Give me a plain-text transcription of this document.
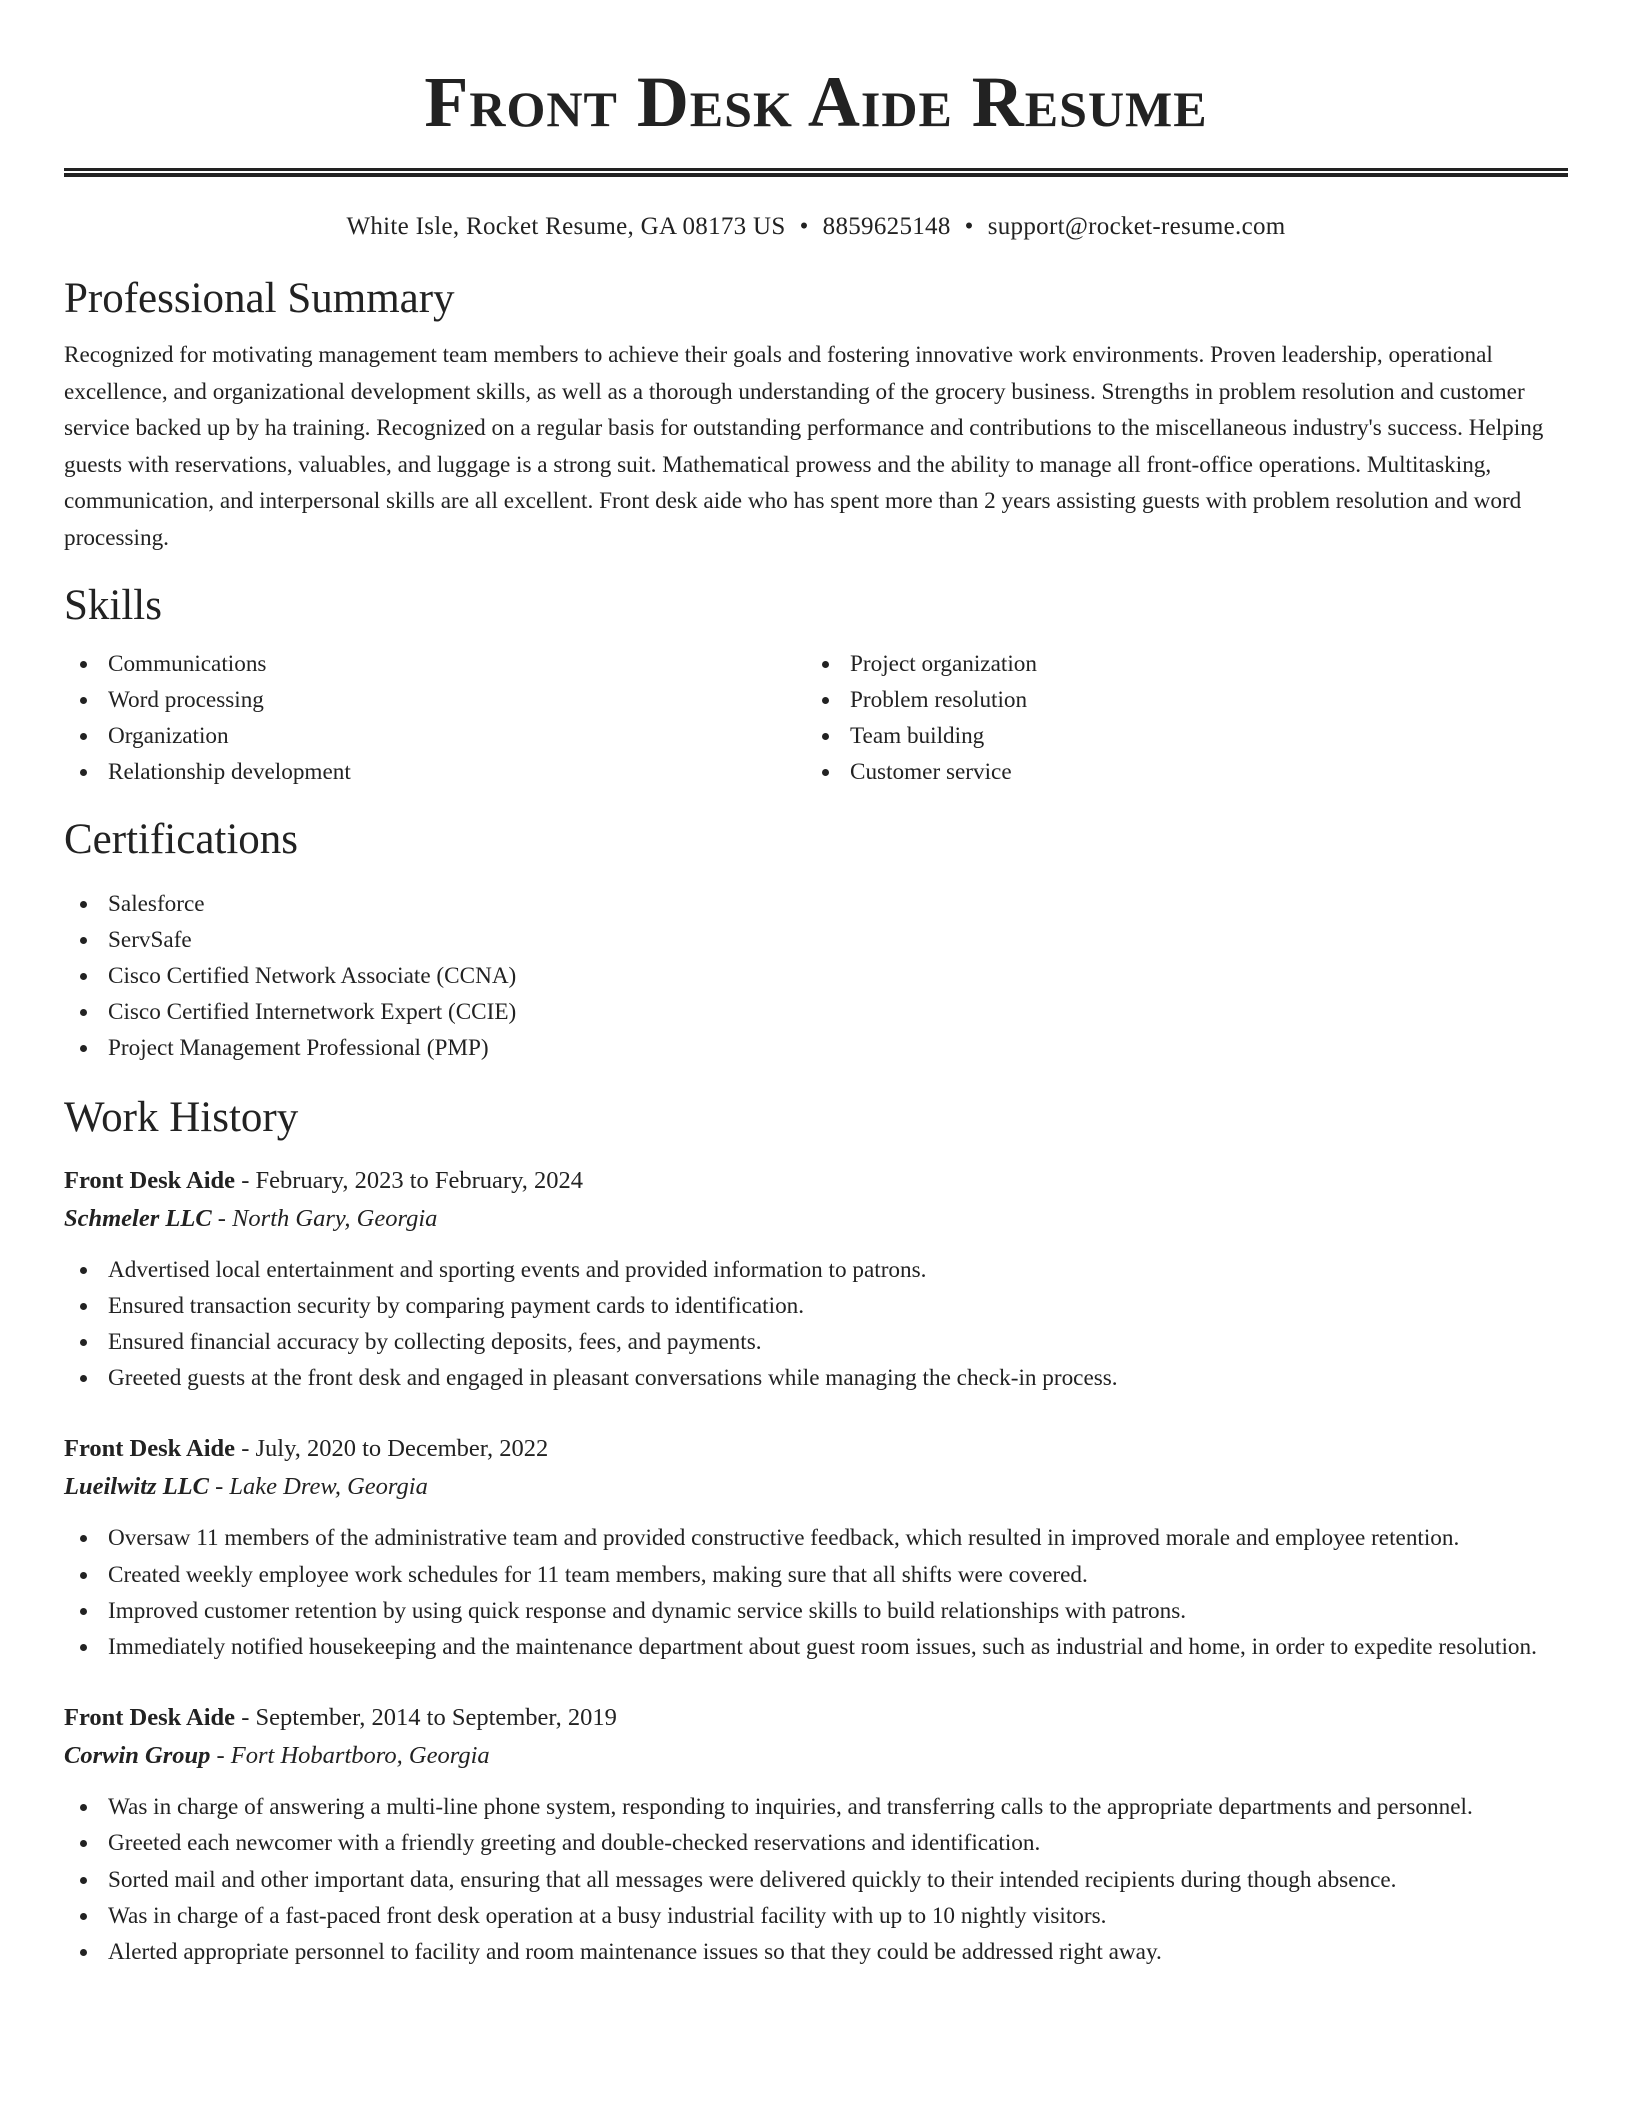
Front Desk Aide Resume
White Isle, Rocket Resume, GA 08173 US • 8859625148 • support@rocket-resume.com
Professional Summary

Recognized for motivating management team members to achieve their goals and fostering innovative work environments. Proven leadership, operational excellence, and organizational development skills, as well as a thorough understanding of the grocery business. Strengths in problem resolution and customer service backed up by ha training. Recognized on a regular basis for outstanding performance and contributions to the miscellaneous industry's success. Helping guests with reservations, valuables, and luggage is a strong suit. Mathematical prowess and the ability to manage all front-office operations. Multitasking, communication, and interpersonal skills are all excellent. Front desk aide who has spent more than 2 years assisting guests with problem resolution and word processing.

Skills
Communications
Word processing
Organization
Relationship development
Project organization
Problem resolution
Team building
Customer service
Certifications
Salesforce
ServSafe
Cisco Certified Network Associate (CCNA)
Cisco Certified Internetwork Expert (CCIE)
Project Management Professional (PMP)
Work History
Front Desk Aide - February, 2023 to February, 2024
Schmeler LLC - North Gary, Georgia
Advertised local entertainment and sporting events and provided information to patrons.
Ensured transaction security by comparing payment cards to identification.
Ensured financial accuracy by collecting deposits, fees, and payments.
Greeted guests at the front desk and engaged in pleasant conversations while managing the check-in process.
Front Desk Aide - July, 2020 to December, 2022
Lueilwitz LLC - Lake Drew, Georgia
Oversaw 11 members of the administrative team and provided constructive feedback, which resulted in improved morale and employee retention.
Created weekly employee work schedules for 11 team members, making sure that all shifts were covered.
Improved customer retention by using quick response and dynamic service skills to build relationships with patrons.
Immediately notified housekeeping and the maintenance department about guest room issues, such as industrial and home, in order to expedite resolution.
Front Desk Aide - September, 2014 to September, 2019
Corwin Group - Fort Hobartboro, Georgia
Was in charge of answering a multi-line phone system, responding to inquiries, and transferring calls to the appropriate departments and personnel.
Greeted each newcomer with a friendly greeting and double-checked reservations and identification.
Sorted mail and other important data, ensuring that all messages were delivered quickly to their intended recipients during though absence.
Was in charge of a fast-paced front desk operation at a busy industrial facility with up to 10 nightly visitors.
Alerted appropriate personnel to facility and room maintenance issues so that they could be addressed right away.
